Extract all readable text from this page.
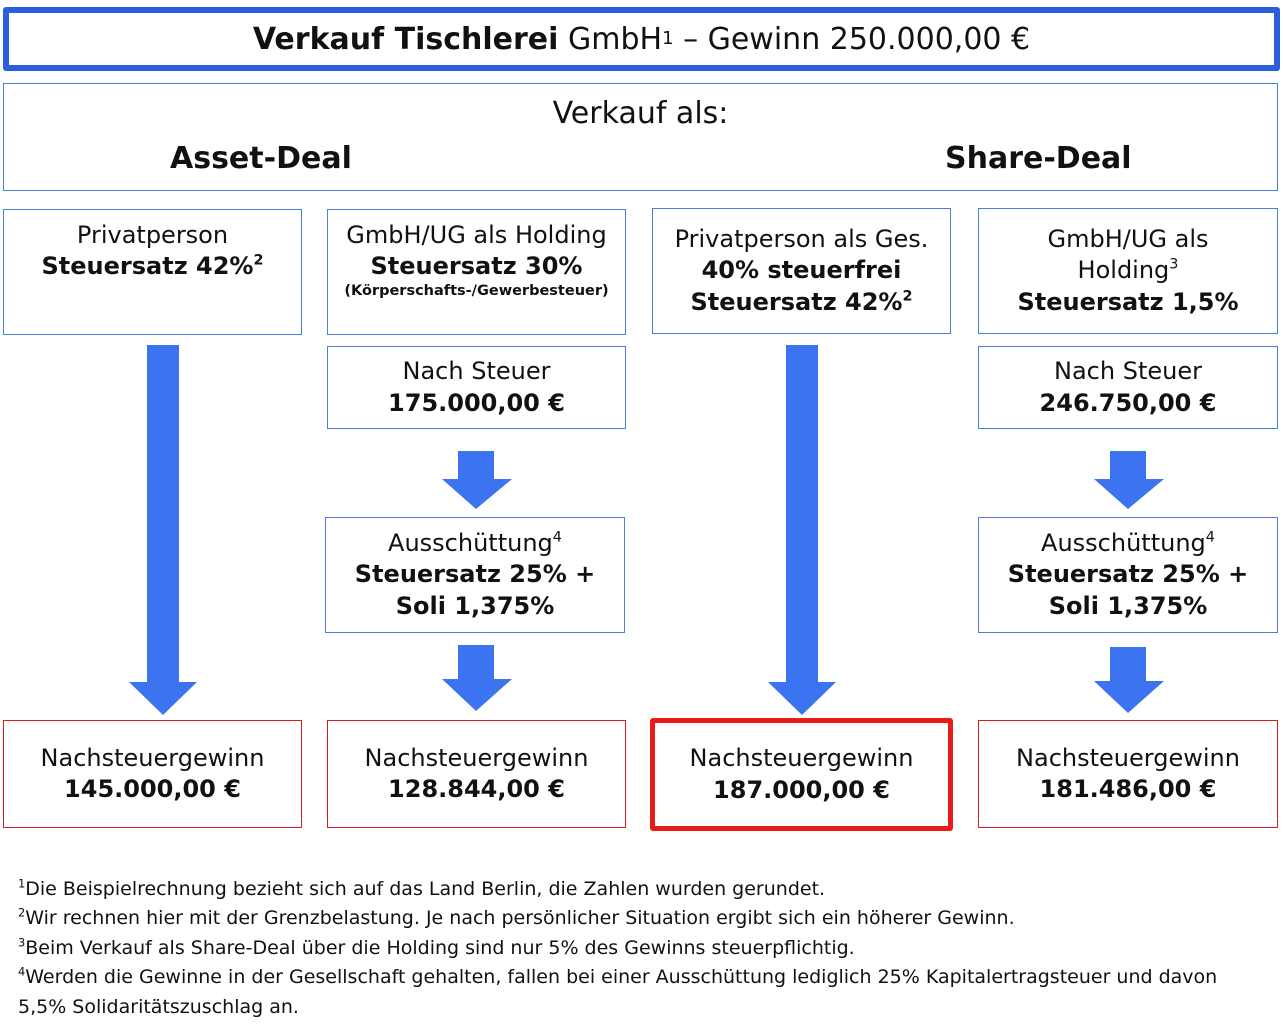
Verkauf Tischlerei
GmbH 1
– Gewinn 250.000,00 €
Verkauf als:
Asset-Deal	Share-Deal
Privatperson
Steuersatz 42%$^2$
Nachsteuergewinn
145.000,00 €
GmbH/UG als Holding
Steuersatz 30%
(Körperschafts-/Gewerbesteuer)
Nach Steuer
175.000,00 €
Ausschüttung$^4$
Steuersatz 25% +
Soli 1,375%
Nachsteuergewinn
128.844,00 €
Privatperson als Ges.
40% steuerfrei
Steuersatz 42%$^2$
Nachsteuergewinn
187.000,00 €
GmbH/UG als
Holding$^3$
Steuersatz 1,5%
Nach Steuer
246.750,00 €
Ausschüttung$^4$
Steuersatz 25% +
Soli 1,375%
Nachsteuergewinn
181.486,00 €
$^1$Die Beispielrechnung bezieht sich auf das Land Berlin, die Zahlen wurden gerundet.
$^2$Wir rechnen hier mit der Grenzbelastung. Je nach persönlicher Situation ergibt sich ein höherer Gewinn.
$^3$Beim Verkauf als Share-Deal über die Holding sind nur 5% des Gewinns steuerpflichtig.
$^4$Werden die Gewinne in der Gesellschaft gehalten, fallen bei einer Ausschüttung lediglich 25% Kapitalertragsteuer und davon 5,5% Solidaritätszuschlag an.
